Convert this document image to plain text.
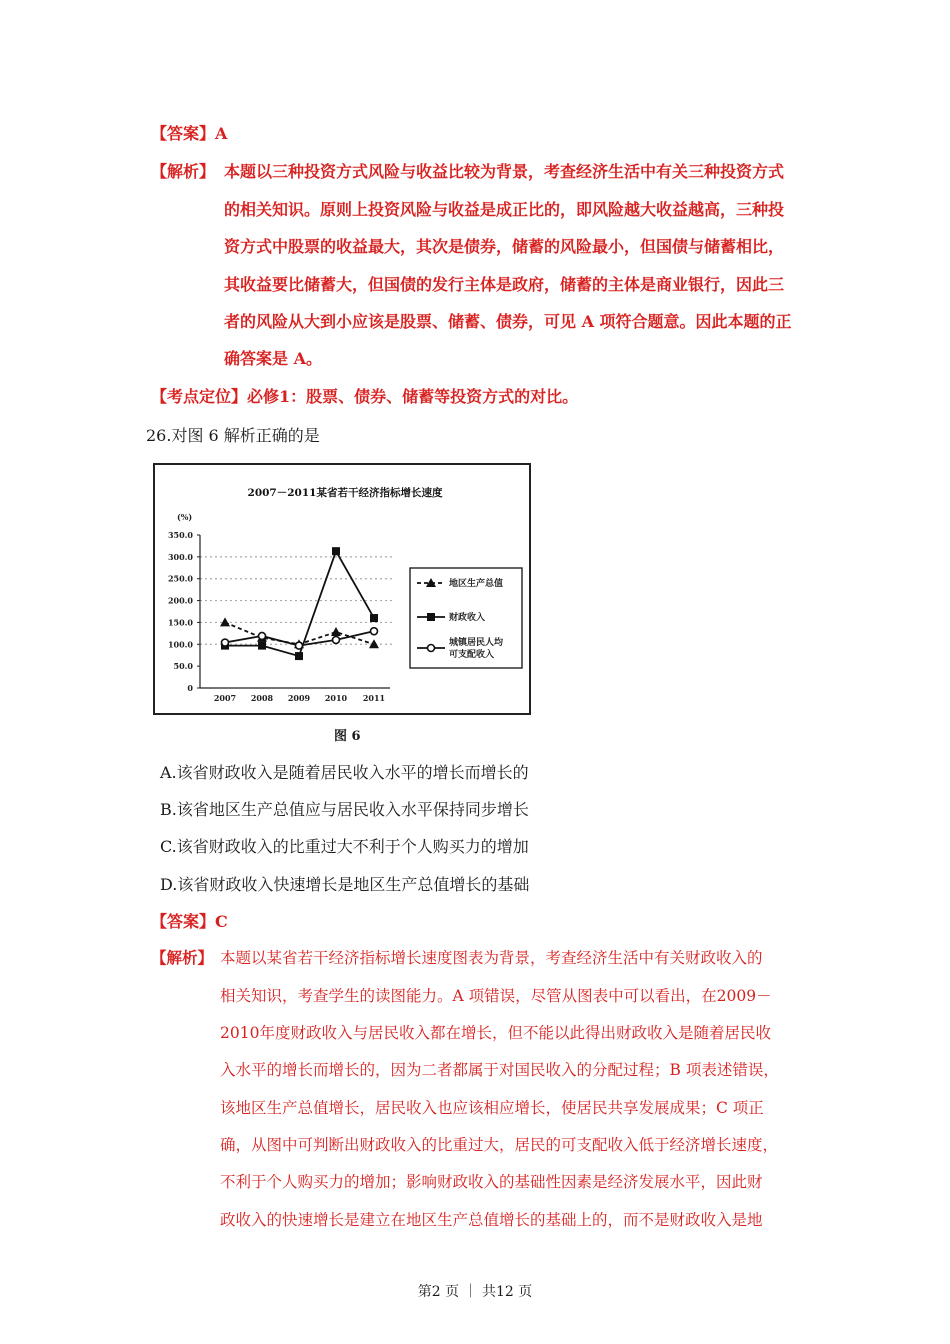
【答案】A
【解析】 本题以三种投资方式风险与收益比较为背景，考查经济生活中有关三种投资方式
的相关知识。原则上投资风险与收益是成正比的，即风险越大收益越高，三种投
资方式中股票的收益最大，其次是债券，储蓄的风险最小，但国债与储蓄相比，
其收益要比储蓄大，但国债的发行主体是政府，储蓄的主体是商业银行，因此三
者的风险从大到小应该是股票、储蓄、债券，可见 A 项符合题意。因此本题的正
确答案是 A。
【考点定位】必修1：股票、债券、储蓄等投资方式的对比。
26.对图 6 解析正确的是
2007－2011某省若干经济指标增长速度
(%)
0
50.0
100.0
150.0
200.0
250.0
300.0
350.0
2007 2008 2009 2010 2011
地区生产总值
财政收入
城镇居民人均
可支配收入
图 6
A.该省财政收入是随着居民收入水平的增长而增长的
B.该省地区生产总值应与居民收入水平保持同步增长
C.该省财政收入的比重过大不利于个人购买力的增加
D.该省财政收入快速增长是地区生产总值增长的基础
【答案】C
【解析】 本题以某省若干经济指标增长速度图表为背景，考查经济生活中有关财政收入的
相关知识，考查学生的读图能力。A 项错误，尽管从图表中可以看出，在2009－
2010年度财政收入与居民收入都在增长，但不能以此得出财政收入是随着居民收
入水平的增长而增长的，因为二者都属于对国民收入的分配过程；B 项表述错误，
该地区生产总值增长，居民收入也应该相应增长，使居民共享发展成果；C 项正
确，从图中可判断出财政收入的比重过大，居民的可支配收入低于经济增长速度，
不利于个人购买力的增加；影响财政收入的基础性因素是经济发展水平，因此财
政收入的快速增长是建立在地区生产总值增长的基础上的，而不是财政收入是地
第2 页 ｜ 共12 页
